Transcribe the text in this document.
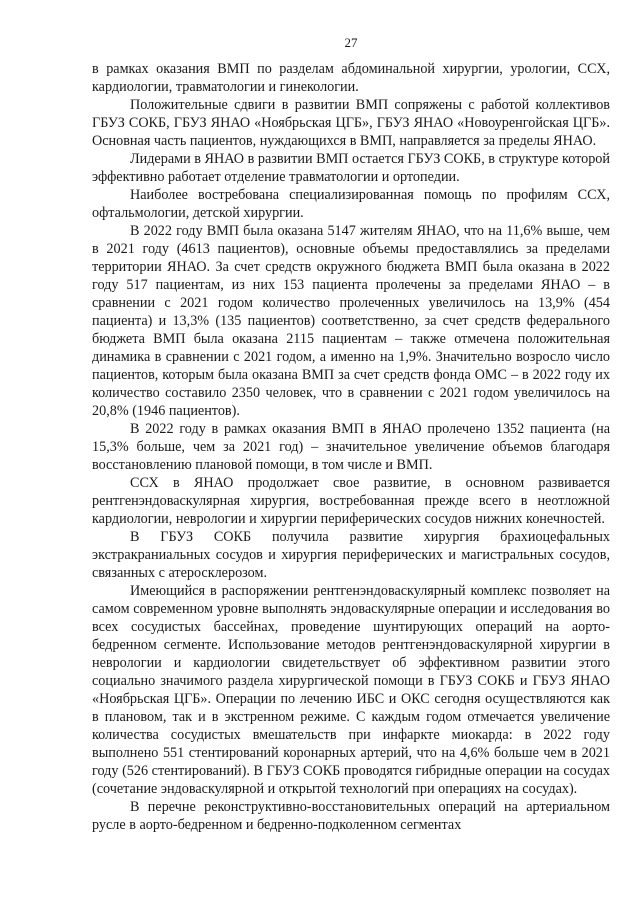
27

в рамках оказания ВМП по разделам абдоминальной хирургии, урологии, ССХ, кардиологии, травматологии и гинекологии.

Положительные сдвиги в развитии ВМП сопряжены с работой коллективов ГБУЗ СОКБ, ГБУЗ ЯНАО «Ноябрьская ЦГБ», ГБУЗ ЯНАО «Новоуренгойская ЦГБ». Основная часть пациентов, нуждающихся в ВМП, направляется за пределы ЯНАО.

Лидерами в ЯНАО в развитии ВМП остается ГБУЗ СОКБ, в структуре которой эффективно работает отделение травматологии и ортопедии.

Наиболее востребована специализированная помощь по профилям ССХ, офтальмологии, детской хирургии.

В 2022 году ВМП была оказана 5147 жителям ЯНАО, что на 11,6% выше, чем в 2021 году (4613 пациентов), основные объемы предоставлялись за пределами территории ЯНАО. За счет средств окружного бюджета ВМП была оказана в 2022 году 517 пациентам, из них 153 пациента пролечены за пределами ЯНАО – в сравнении с 2021 годом количество пролеченных увеличилось на 13,9% (454 пациента) и 13,3% (135 пациентов) соответственно, за счет средств федерального бюджета ВМП была оказана 2115 пациентам – также отмечена положительная динамика в сравнении с 2021 годом, а именно на 1,9%. Значительно возросло число пациентов, которым была оказана ВМП за счет средств фонда ОМС – в 2022 году их количество составило 2350 человек, что в сравнении с 2021 годом увеличилось на 20,8% (1946 пациентов).

В 2022 году в рамках оказания ВМП в ЯНАО пролечено 1352 пациента (на 15,3% больше, чем за 2021 год) – значительное увеличение объемов благодаря восстановлению плановой помощи, в том числе и ВМП.

ССХ в ЯНАО продолжает свое развитие, в основном развивается рентгенэндоваскулярная хирургия, востребованная прежде всего в неотложной кардиологии, неврологии и хирургии периферических сосудов нижних конечностей.

В ГБУЗ СОКБ получила развитие хирургия брахиоцефальных экстракраниальных сосудов и хирургия периферических и магистральных сосудов, связанных с атеросклерозом.

Имеющийся в распоряжении рентгенэндоваскулярный комплекс позволяет на самом современном уровне выполнять эндоваскулярные операции и исследования во всех сосудистых бассейнах, проведение шунтирующих операций на аорто-бедренном сегменте. Использование методов рентгенэндоваскулярной хирургии в неврологии и кардиологии свидетельствует об эффективном развитии этого социально значимого раздела хирургической помощи в ГБУЗ СОКБ и ГБУЗ ЯНАО «Ноябрьская ЦГБ». Операции по лечению ИБС и ОКС сегодня осуществляются как в плановом, так и в экстренном режиме. С каждым годом отмечается увеличение количества сосудистых вмешательств при инфаркте миокарда: в 2022 году выполнено 551 стентирований коронарных артерий, что на 4,6% больше чем в 2021 году (526 стентирований). В ГБУЗ СОКБ проводятся гибридные операции на сосудах (сочетание эндоваскулярной и открытой технологий при операциях на сосудах).

В перечне реконструктивно-восстановительных операций на артериальном русле в аорто-бедренном и бедренно-подколенном сегментах
